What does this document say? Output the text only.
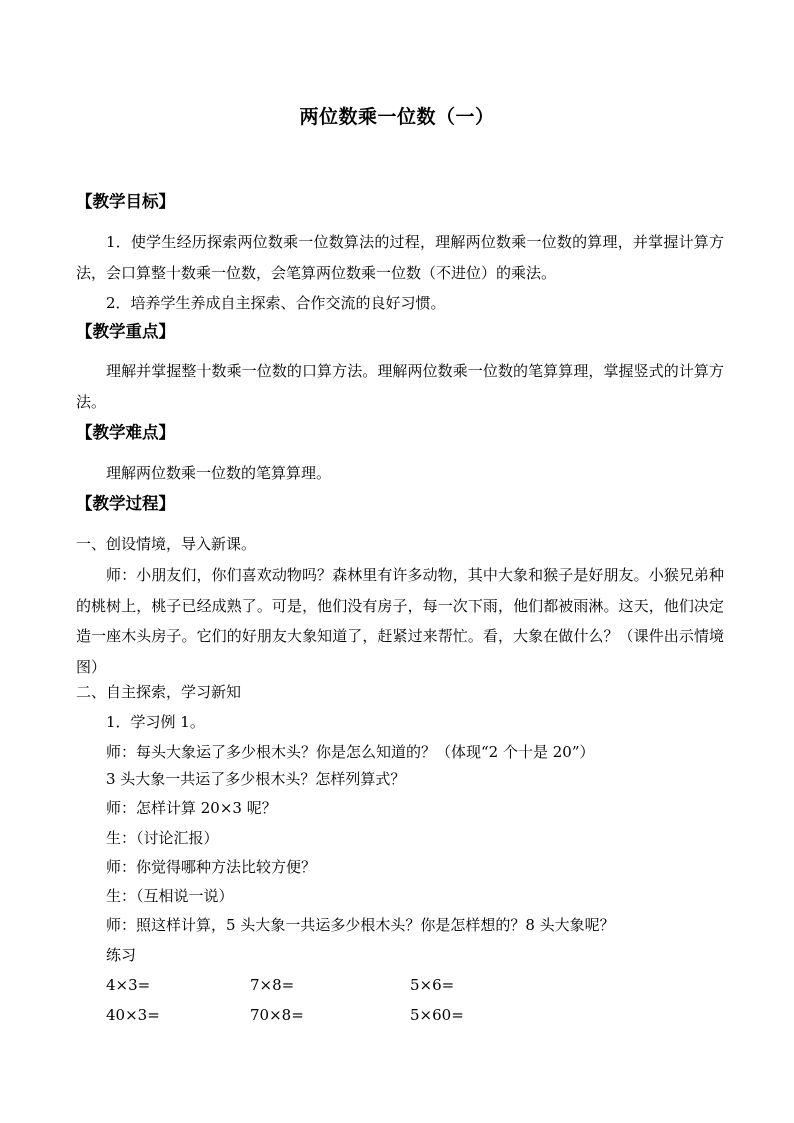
两位数乘一位数（一）
【教学目标】

1．使学生经历探索两位数乘一位数算法的过程，理解两位数乘一位数的算理，并掌握计算方法，会口算整十数乘一位数，会笔算两位数乘一位数（不进位）的乘法。

2．培养学生养成自主探索、合作交流的良好习惯。

【教学重点】

理解并掌握整十数乘一位数的口算方法。理解两位数乘一位数的笔算算理，掌握竖式的计算方法。

【教学难点】

理解两位数乘一位数的笔算算理。

【教学过程】
一、创设情境，导入新课。

师：小朋友们，你们喜欢动物吗？森林里有许多动物，其中大象和猴子是好朋友。小猴兄弟种的桃树上，桃子已经成熟了。可是，他们没有房子，每一次下雨，他们都被雨淋。这天，他们决定造一座木头房子。它们的好朋友大象知道了，赶紧过来帮忙。看，大象在做什么？（课件出示情境图）

二、自主探索，学习新知
1．学习例 1。
师：每头大象运了多少根木头？你是怎么知道的？（体现“2 个十是 20”）
3 头大象一共运了多少根木头？怎样列算式？
师：怎样计算 20×3 呢？
生：（讨论汇报）
师：你觉得哪种方法比较方便？
生：（互相说一说）
师：照这样计算，5 头大象一共运多少根木头？你是怎样想的？8 头大象呢？
练习
4×3=	7×8=	5×6=
40×3=	70×8=	5×60=
